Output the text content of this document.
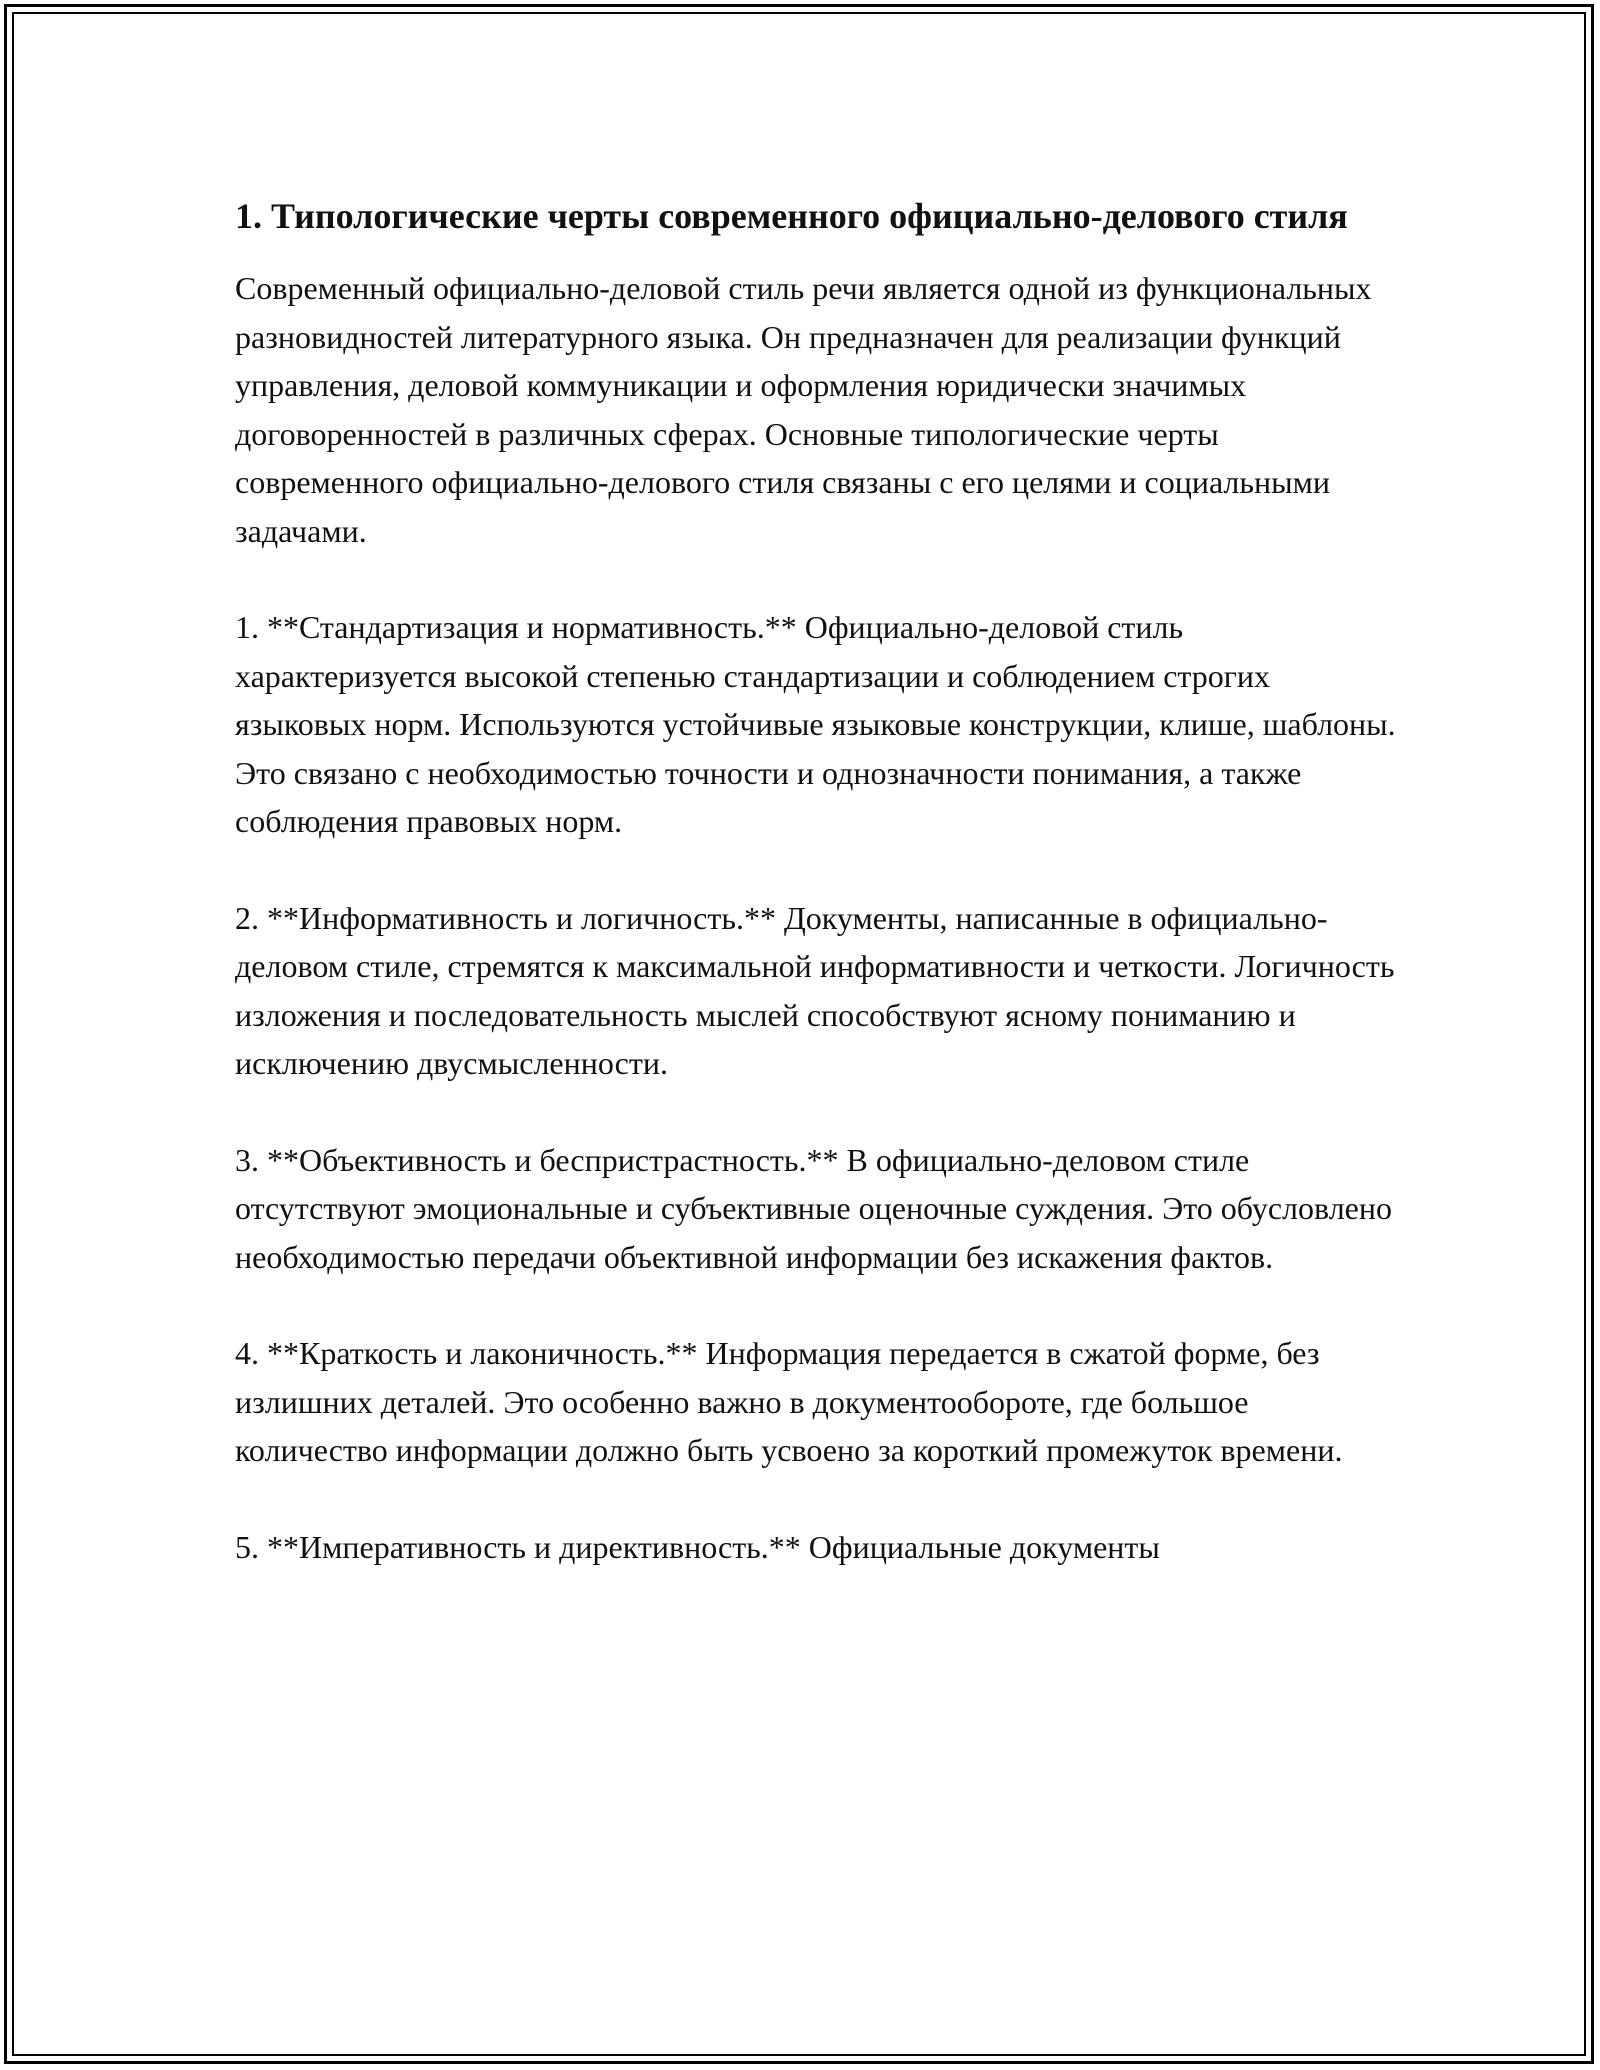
1. Типологические черты современного официально-делового стиля

Современный официально-деловой стиль речи является одной из функциональных разновидностей литературного языка. Он предназначен для реализации функций управления, деловой коммуникации и оформления юридически значимых договоренностей в различных сферах. Основные типологические черты современного официально-делового стиля связаны с его целями и социальными задачами.

1. **Стандартизация и нормативность.** Официально-деловой стиль характеризуется высокой степенью стандартизации и соблюдением строгих языковых норм. Используются устойчивые языковые конструкции, клише, шаблоны. Это связано с необходимостью точности и однозначности понимания, а также соблюдения правовых норм.

2. **Информативность и логичность.** Документы, написанные в официально-деловом стиле, стремятся к максимальной информативности и четкости. Логичность изложения и последовательность мыслей способствуют ясному пониманию и исключению двусмысленности.

3. **Объективность и беспристрастность.** В официально-деловом стиле отсутствуют эмоциональные и субъективные оценочные суждения. Это обусловлено необходимостью передачи объективной информации без искажения фактов.

4. **Краткость и лаконичность.** Информация передается в сжатой форме, без излишних деталей. Это особенно важно в документообороте, где большое количество информации должно быть усвоено за короткий промежуток времени.

5. **Императивность и директивность.** Официальные документы
